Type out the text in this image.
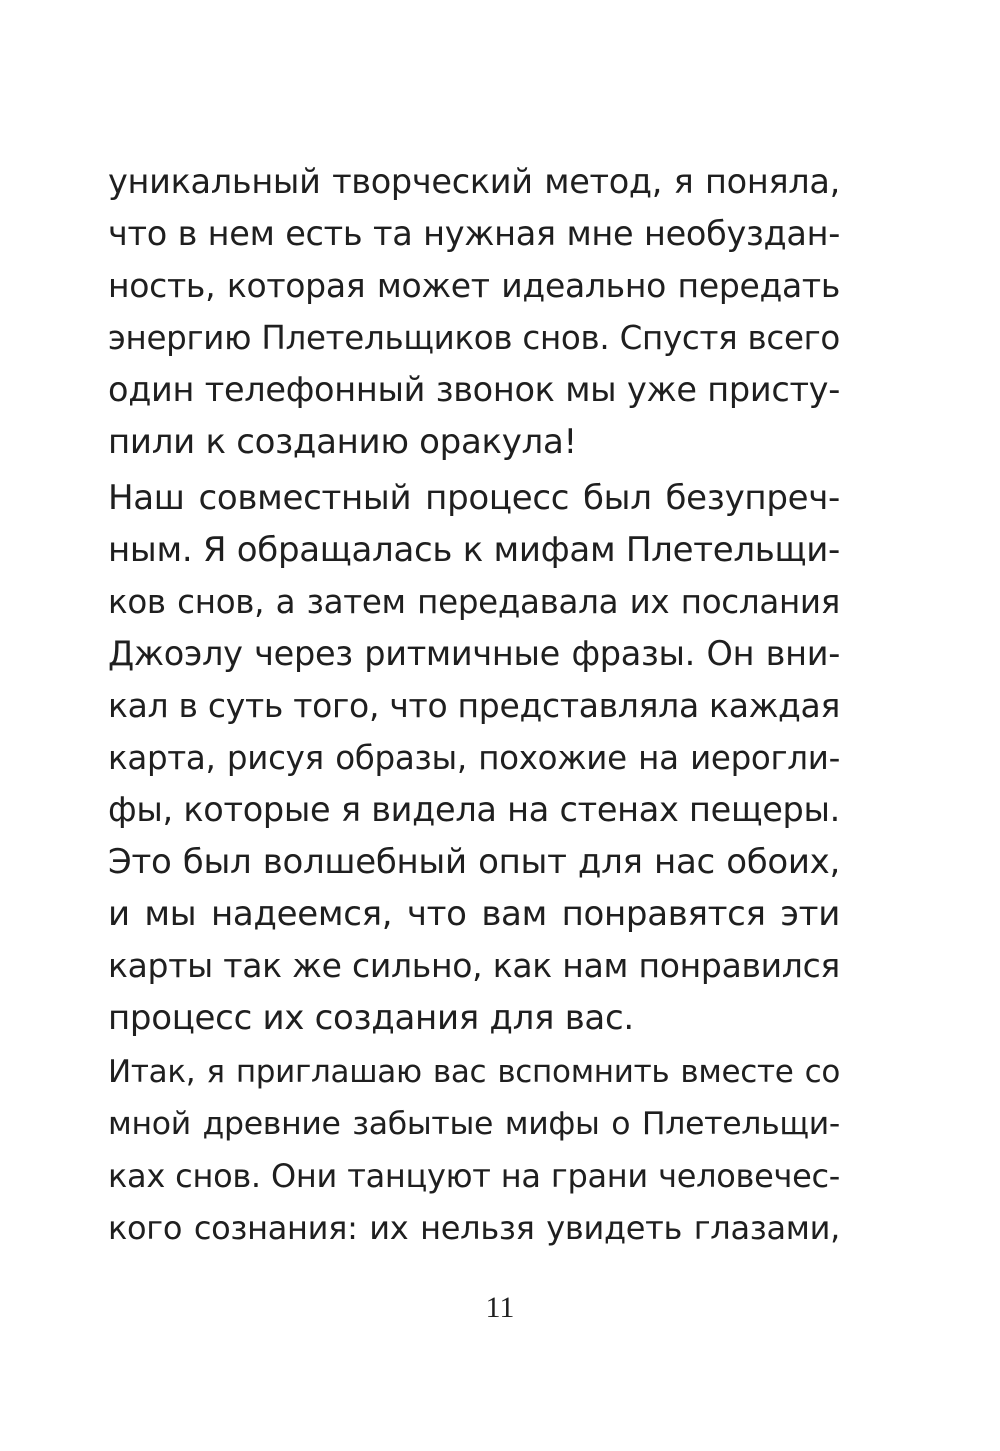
уникальный творческий метод, я поняла,
что в нем есть та нужная мне необуздан-
ность, которая может идеально передать
энергию Плетельщиков снов. Спустя всего
один телефонный звонок мы уже присту-
пили к созданию оракула!
Наш совместный процесс был безупреч-
ным. Я обращалась к мифам Плетельщи-
ков снов, а затем передавала их послания
Джоэлу через ритмичные фразы. Он вни-
кал в суть того, что представляла каждая
карта, рисуя образы, похожие на иерогли-
фы, которые я видела на стенах пещеры.
Это был волшебный опыт для нас обоих,
и мы надеемся, что вам понравятся эти
карты так же сильно, как нам понравился
процесс их создания для вас.
Итак, я приглашаю вас вспомнить вместе со
мной древние забытые мифы о Плетельщи-
ках снов. Они танцуют на грани человечес-
кого сознания: их нельзя увидеть глазами,
11
